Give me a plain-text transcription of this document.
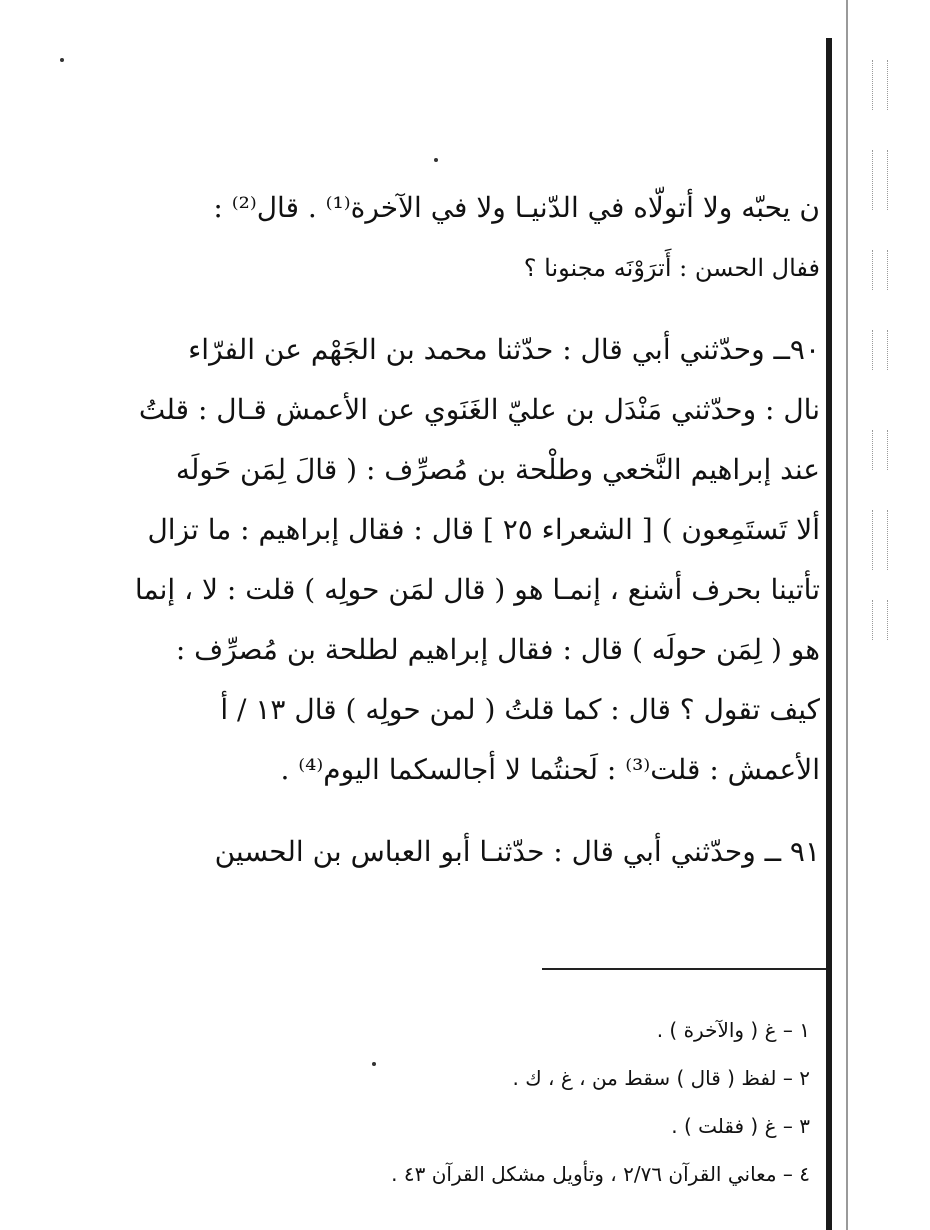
ن يحبّه ولا أتولّاه في الدّنيـا ولا في الآخرة⁽¹⁾ . قال⁽²⁾ :
ففال الحسن : أَترَوْنَه مجنونا ؟
٩٠ــ وحدّثني أبي قال : حدّثنا محمد بن الجَهْم عن الفرّاء
نال : وحدّثني مَنْدَل بن عليّ الغَنَوي عن الأعمش قـال : قلتُ
عند إبراهيم النَّخعي وطلْحة بن مُصرِّف : ( قالَ لِمَن حَولَه
ألا تَستَمِعون ) [ الشعراء ٢٥ ] قال : فقال إبراهيم : ما تزال
تأتينا بحرف أشنع ، إنمـا هو ( قال لمَن حولِه ) قلت : لا ، إنما
هو ( لِمَن حولَه ) قال : فقال إبراهيم لطلحة بن مُصرِّف :
كيف تقول ؟ قال : كما قلتُ ( لمن حولِه ) قال ١٣ / أ
الأعمش : قلت⁽³⁾ : لَحنتُما لا أجالسكما اليوم⁽⁴⁾ .
٩١ ــ وحدّثني أبي قال : حدّثنـا أبو العباس بن الحسين
١ – غ ( والآخرة ) .
٢ – لفظ ( قال ) سقط من ، غ ، ك .
٣ – غ ( فقلت ) .
٤ – معاني القرآن ٢/٧٦ ، وتأويل مشكل القرآن ٤٣ .
